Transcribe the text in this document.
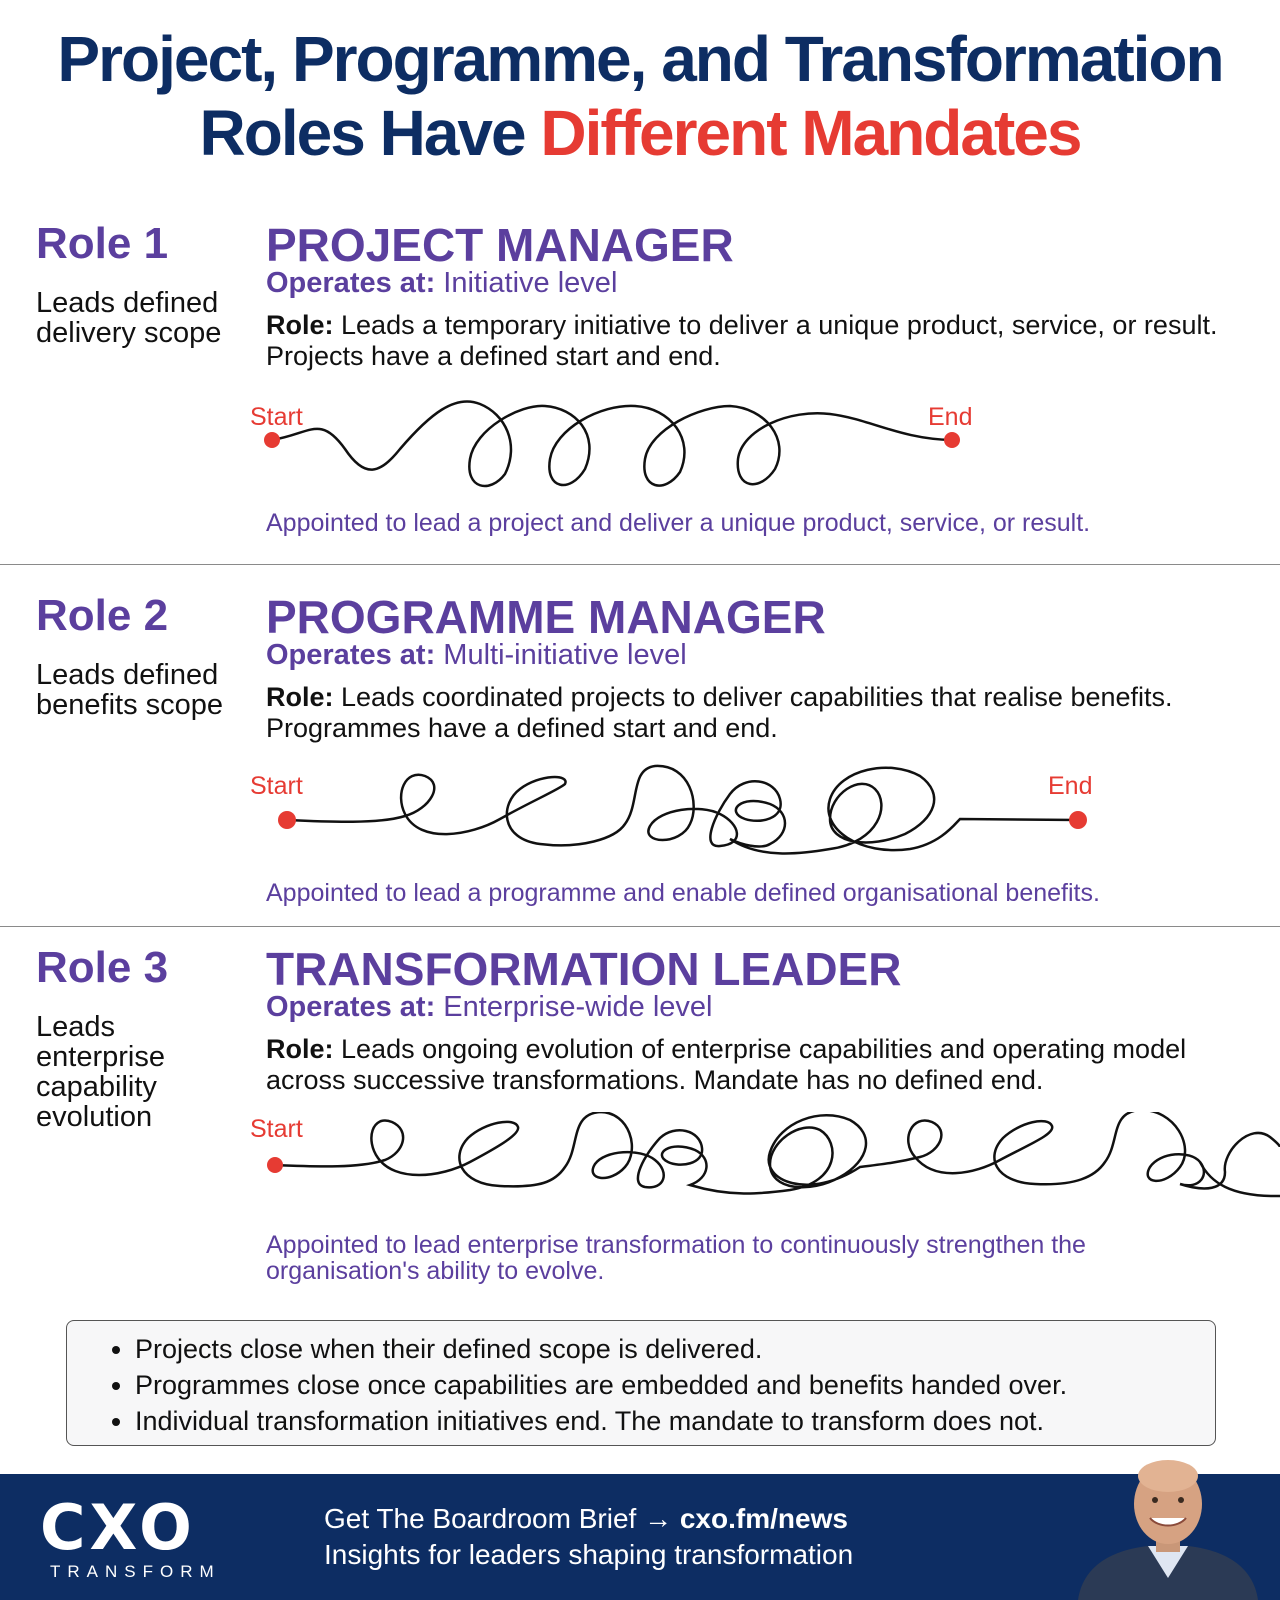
Project, Programme, and Transformation
Roles Have Different Mandates
Role 1
Leads defined delivery scope
PROJECT MANAGER
Operates at: Initiative level
Role: Leads a temporary initiative to deliver a unique product, service, or result. Projects have a defined start and end.
Start	End
Appointed to lead a project and deliver a unique product, service, or result.
Role 2
Leads defined benefits scope
PROGRAMME MANAGER
Operates at: Multi-initiative level
Role: Leads coordinated projects to deliver capabilities that realise benefits. Programmes have a defined start and end.
Start	End
Appointed to lead a programme and enable defined organisational benefits.
Role 3
Leads enterprise capability evolution
TRANSFORMATION LEADER
Operates at: Enterprise-wide level
Role: Leads ongoing evolution of enterprise capabilities and operating model across successive transformations. Mandate has no defined end.
Start
Appointed to lead enterprise transformation to continuously strengthen the organisation's ability to evolve.
• Projects close when their defined scope is delivered.
• Programmes close once capabilities are embedded and benefits handed over.
• Individual transformation initiatives end. The mandate to transform does not.
CXO
TRANSFORM
Get The Boardroom Brief → cxo.fm/news
Insights for leaders shaping transformation
